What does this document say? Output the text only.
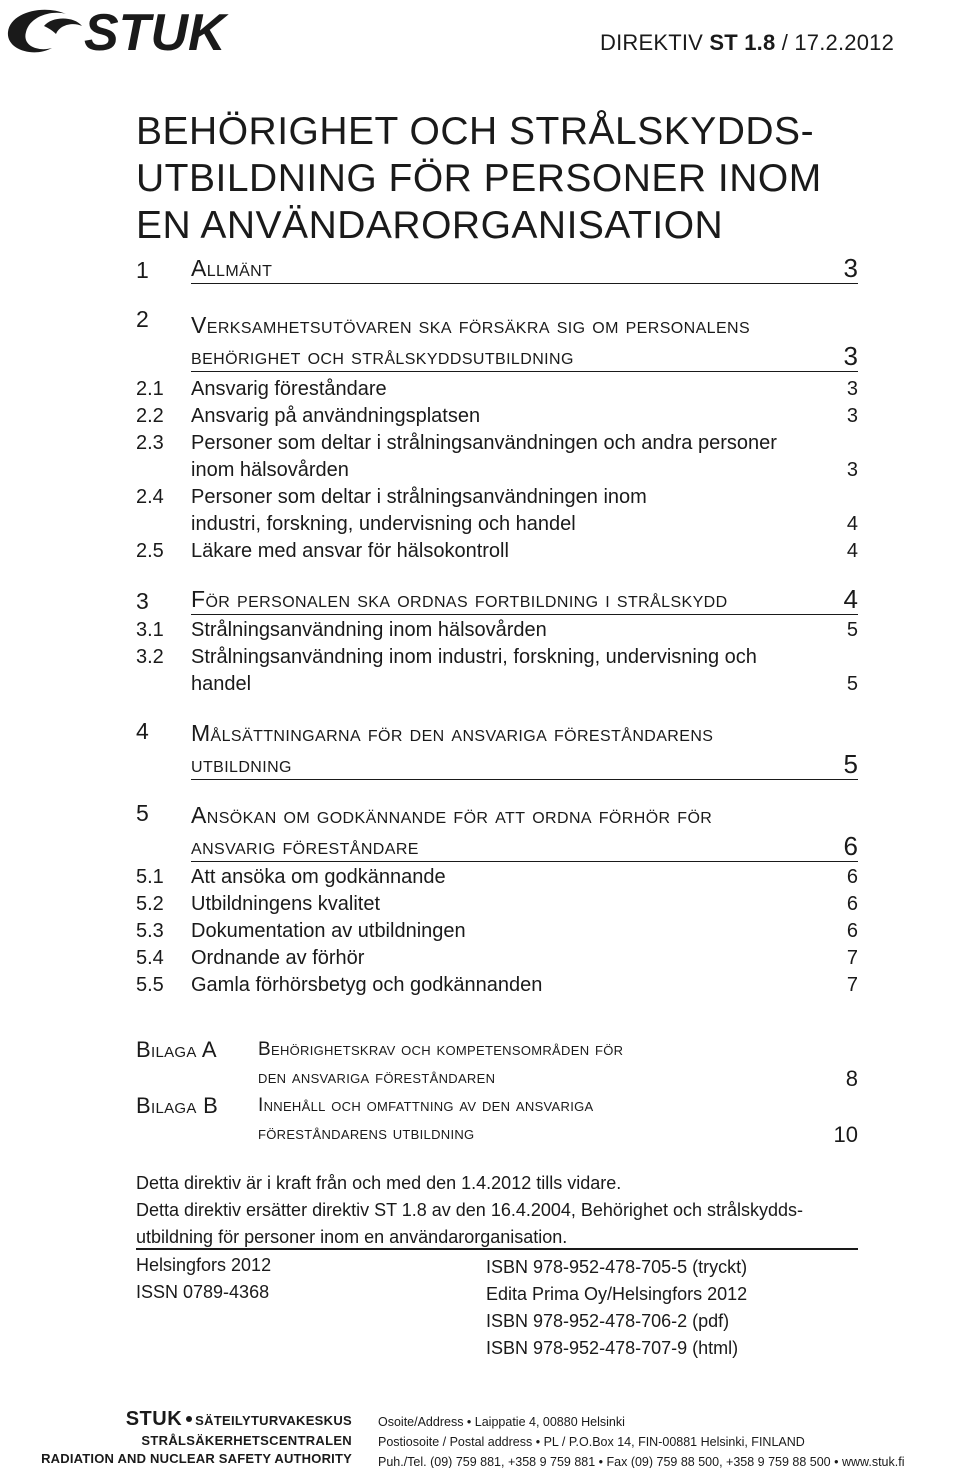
STUK	DIREKTIV ST 1.8 / 17.2.2012
BEHÖRIGHET OCH STRÅLSKYDDS-
UTBILDNING FÖR PERSONER INOM
EN ANVÄNDARORGANISATION
1	Allmänt	3
2	Verksamhetsutövaren ska försäkra sig om personalens
behörighet och strålskyddsutbildning	3
2.1	Ansvarig föreståndare	3
2.2	Ansvarig på användningsplatsen	3
2.3	Personer som deltar i strålningsanvändningen och andra personer
inom hälsovården	3
2.4	Personer som deltar i strålningsanvändningen inom
industri, forskning, undervisning och handel	4
2.5	Läkare med ansvar för hälsokontroll	4
3	För personalen ska ordnas fortbildning i strålskydd	4
3.1	Strålningsanvändning inom hälsovården	5
3.2	Strålningsanvändning inom industri, forskning, undervisning och
handel	5
4	Målsättningarna för den ansvariga föreståndarens
utbildning	5
5	Ansökan om godkännande för att ordna förhör för
ansvarig föreståndare	6
5.1	Att ansöka om godkännande	6
5.2	Utbildningens kvalitet	6
5.3	Dokumentation av utbildningen	6
5.4	Ordnande av förhör	7
5.5	Gamla förhörsbetyg och godkännanden	7
Bilaga A	Behörighetskrav och kompetensområden för
den ansvariga föreståndaren	8
Bilaga B	Innehåll och omfattning av den ansvariga
föreståndarens utbildning	10
Detta direktiv är i kraft från och med den 1.4.2012 tills vidare.
Detta direktiv ersätter direktiv ST 1.8 av den 16.4.2004, Behörighet och strålskydds-
utbildning för personer inom en användarorganisation.
Helsingfors 2012
ISSN 0789-4368
ISBN 978-952-478-705-5 (tryckt)
Edita Prima Oy/Helsingfors 2012
ISBN 978-952-478-706-2 (pdf)
ISBN 978-952-478-707-9 (html)
STUK SÄTEILYTURVAKESKUS
STRÅLSÄKERHETSCENTRALEN
RADIATION AND NUCLEAR SAFETY AUTHORITY
Osoite/Address • Laippatie 4, 00880 Helsinki
Postiosoite / Postal address • PL / P.O.Box 14, FIN-00881 Helsinki, FINLAND
Puh./Tel. (09) 759 881, +358 9 759 881 • Fax (09) 759 88 500, +358 9 759 88 500 • www.stuk.fi
